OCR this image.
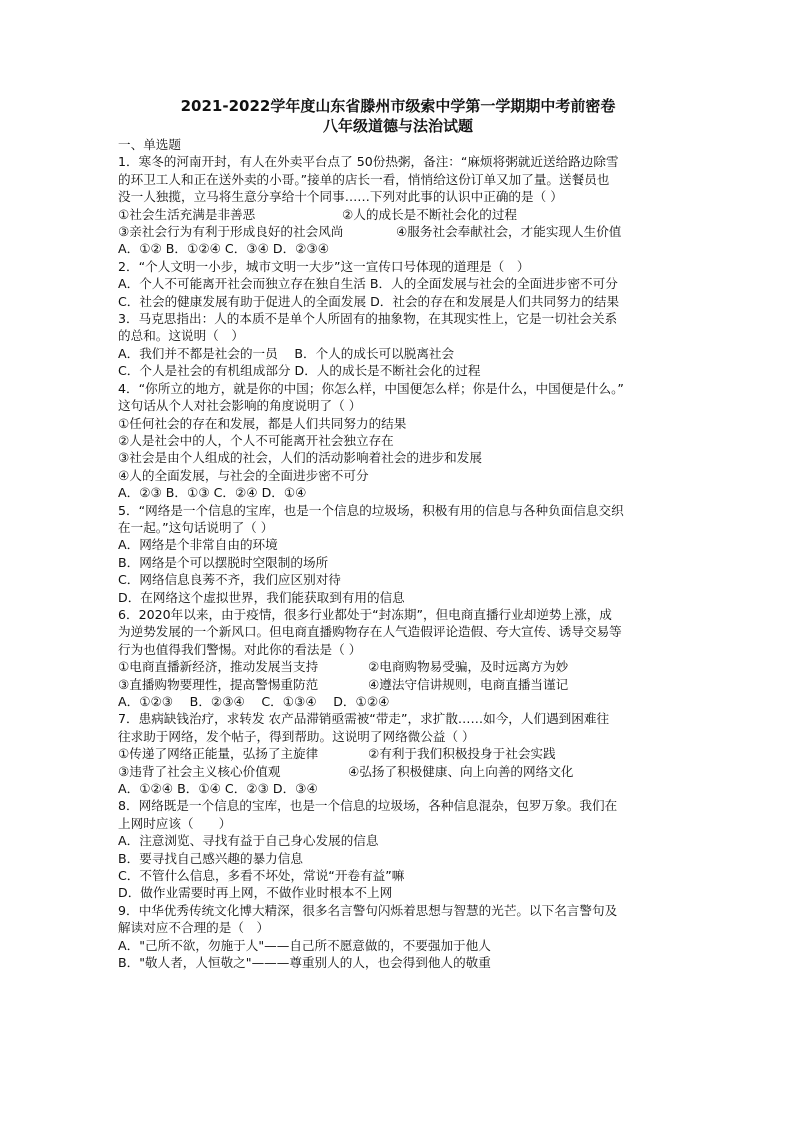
2021-2022学年度山东省滕州市级索中学第一学期期中考前密卷
八年级道德与法治试题
一、单选题
1．寒冬的河南开封，有人在外卖平台点了 50份热粥，备注：“麻烦将粥就近送给路边除雪
的环卫工人和正在送外卖的小哥。”接单的店长一看，悄悄给这份订单又加了量。送餐员也
没一人独揽，立马将生意分享给十个同事……下列对此事的认识中正确的是（ ）
①社会生活充满是非善恶	②人的成长是不断社会化的过程
③亲社会行为有利于形成良好的社会风尚	④服务社会奉献社会，才能实现人生价值
A．①② B．①②④ C．③④ D．②③④
2．“个人文明一小步，城市文明一大步”这一宣传口号体现的道理是（　）
A．个人不可能离开社会而独立存在独自生活 B．人的全面发展与社会的全面进步密不可分
C．社会的健康发展有助于促进人的全面发展 D．社会的存在和发展是人们共同努力的结果
3．马克思指出：人的本质不是单个人所固有的抽象物，在其现实性上，它是一切社会关系
的总和。这说明（　）
A．我们并不都是社会的一员　 B．个人的成长可以脱离社会
C．个人是社会的有机组成部分 D．人的成长是不断社会化的过程
4．“你所立的地方，就是你的中国；你怎么样，中国便怎么样；你是什么，中国便是什么。”
这句话从个人对社会影响的角度说明了（ ）
①任何社会的存在和发展，都是人们共同努力的结果
②人是社会中的人，个人不可能离开社会独立存在
③社会是由个人组成的社会，人们的活动影响着社会的进步和发展
④人的全面发展，与社会的全面进步密不可分
A．②③ B．①③ C．②④ D．①④
5．“网络是一个信息的宝库，也是一个信息的垃圾场，积极有用的信息与各种负面信息交织
在一起。”这句话说明了（ ）
A．网络是个非常自由的环境
B．网络是个可以摆脱时空限制的场所
C．网络信息良莠不齐，我们应区别对待
D．在网络这个虚拟世界，我们能获取到有用的信息
6．2020年以来，由于疫情，很多行业都处于“封冻期”，但电商直播行业却逆势上涨，成
为逆势发展的一个新风口。但电商直播购物存在人气造假评论造假、夸大宣传、诱导交易等
行为也值得我们警惕。对此你的看法是（ ）
①电商直播新经济，推动发展当支持	②电商购物易受骗，及时远离方为妙
③直播购物要理性，提高警惕重防范	④遵法守信讲规则，电商直播当谨记
A．①②③　 B．②③④　 C．①③④　 D．①②④
7．患病缺钱治疗，求转发 农产品滞销亟需被“带走”，求扩散……如今，人们遇到困难往
往求助于网络，发个帖子，得到帮助。这说明了网络微公益（ ）
①传递了网络正能量，弘扬了主旋律	②有利于我们积极投身于社会实践
③违背了社会主义核心价值观	④弘扬了积极健康、向上向善的网络文化
A．①②④ B．①④ C．②③ D．③④
8．网络既是一个信息的宝库，也是一个信息的垃圾场，各种信息混杂，包罗万象。我们在
上网时应该（　　）
A．注意浏览、寻找有益于自己身心发展的信息
B．要寻找自己感兴趣的暴力信息
C．不管什么信息，多看不坏处，常说“开卷有益”嘛
D．做作业需要时再上网，不做作业时根本不上网
9．中华优秀传统文化博大精深，很多名言警句闪烁着思想与智慧的光芒。以下名言警句及
解读对应不合理的是（　）
A．"己所不欲，勿施于人"——自己所不愿意做的，不要强加于他人
B．"敬人者，人恒敬之"———尊重别人的人，也会得到他人的敬重
